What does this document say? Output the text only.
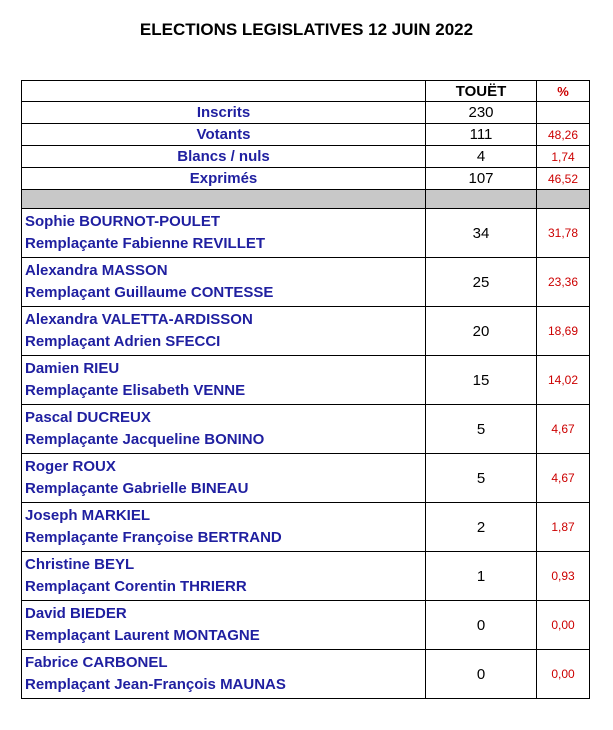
ELECTIONS LEGISLATIVES 12 JUIN 2022
	TOUËT	%
Inscrits	230	
Votants	111	48,26
Blancs / nuls	4	1,74
Exprimés	107	46,52

Sophie BOURNOT-POULET
Remplaçante Fabienne REVILLET	34	31,78

Alexandra MASSON
Remplaçant Guillaume CONTESSE	25	23,36

Alexandra VALETTA-ARDISSON
Remplaçant Adrien SFECCI	20	18,69

Damien RIEU
Remplaçante Elisabeth VENNE	15	14,02

Pascal DUCREUX
Remplaçante Jacqueline BONINO	5	4,67

Roger ROUX
Remplaçante Gabrielle BINEAU	5	4,67

Joseph MARKIEL
Remplaçante Françoise BERTRAND	2	1,87

Christine BEYL
Remplaçant Corentin THRIERR	1	0,93

David BIEDER
Remplaçant Laurent MONTAGNE	0	0,00

Fabrice CARBONEL
Remplaçant Jean-François MAUNAS	0	0,00
